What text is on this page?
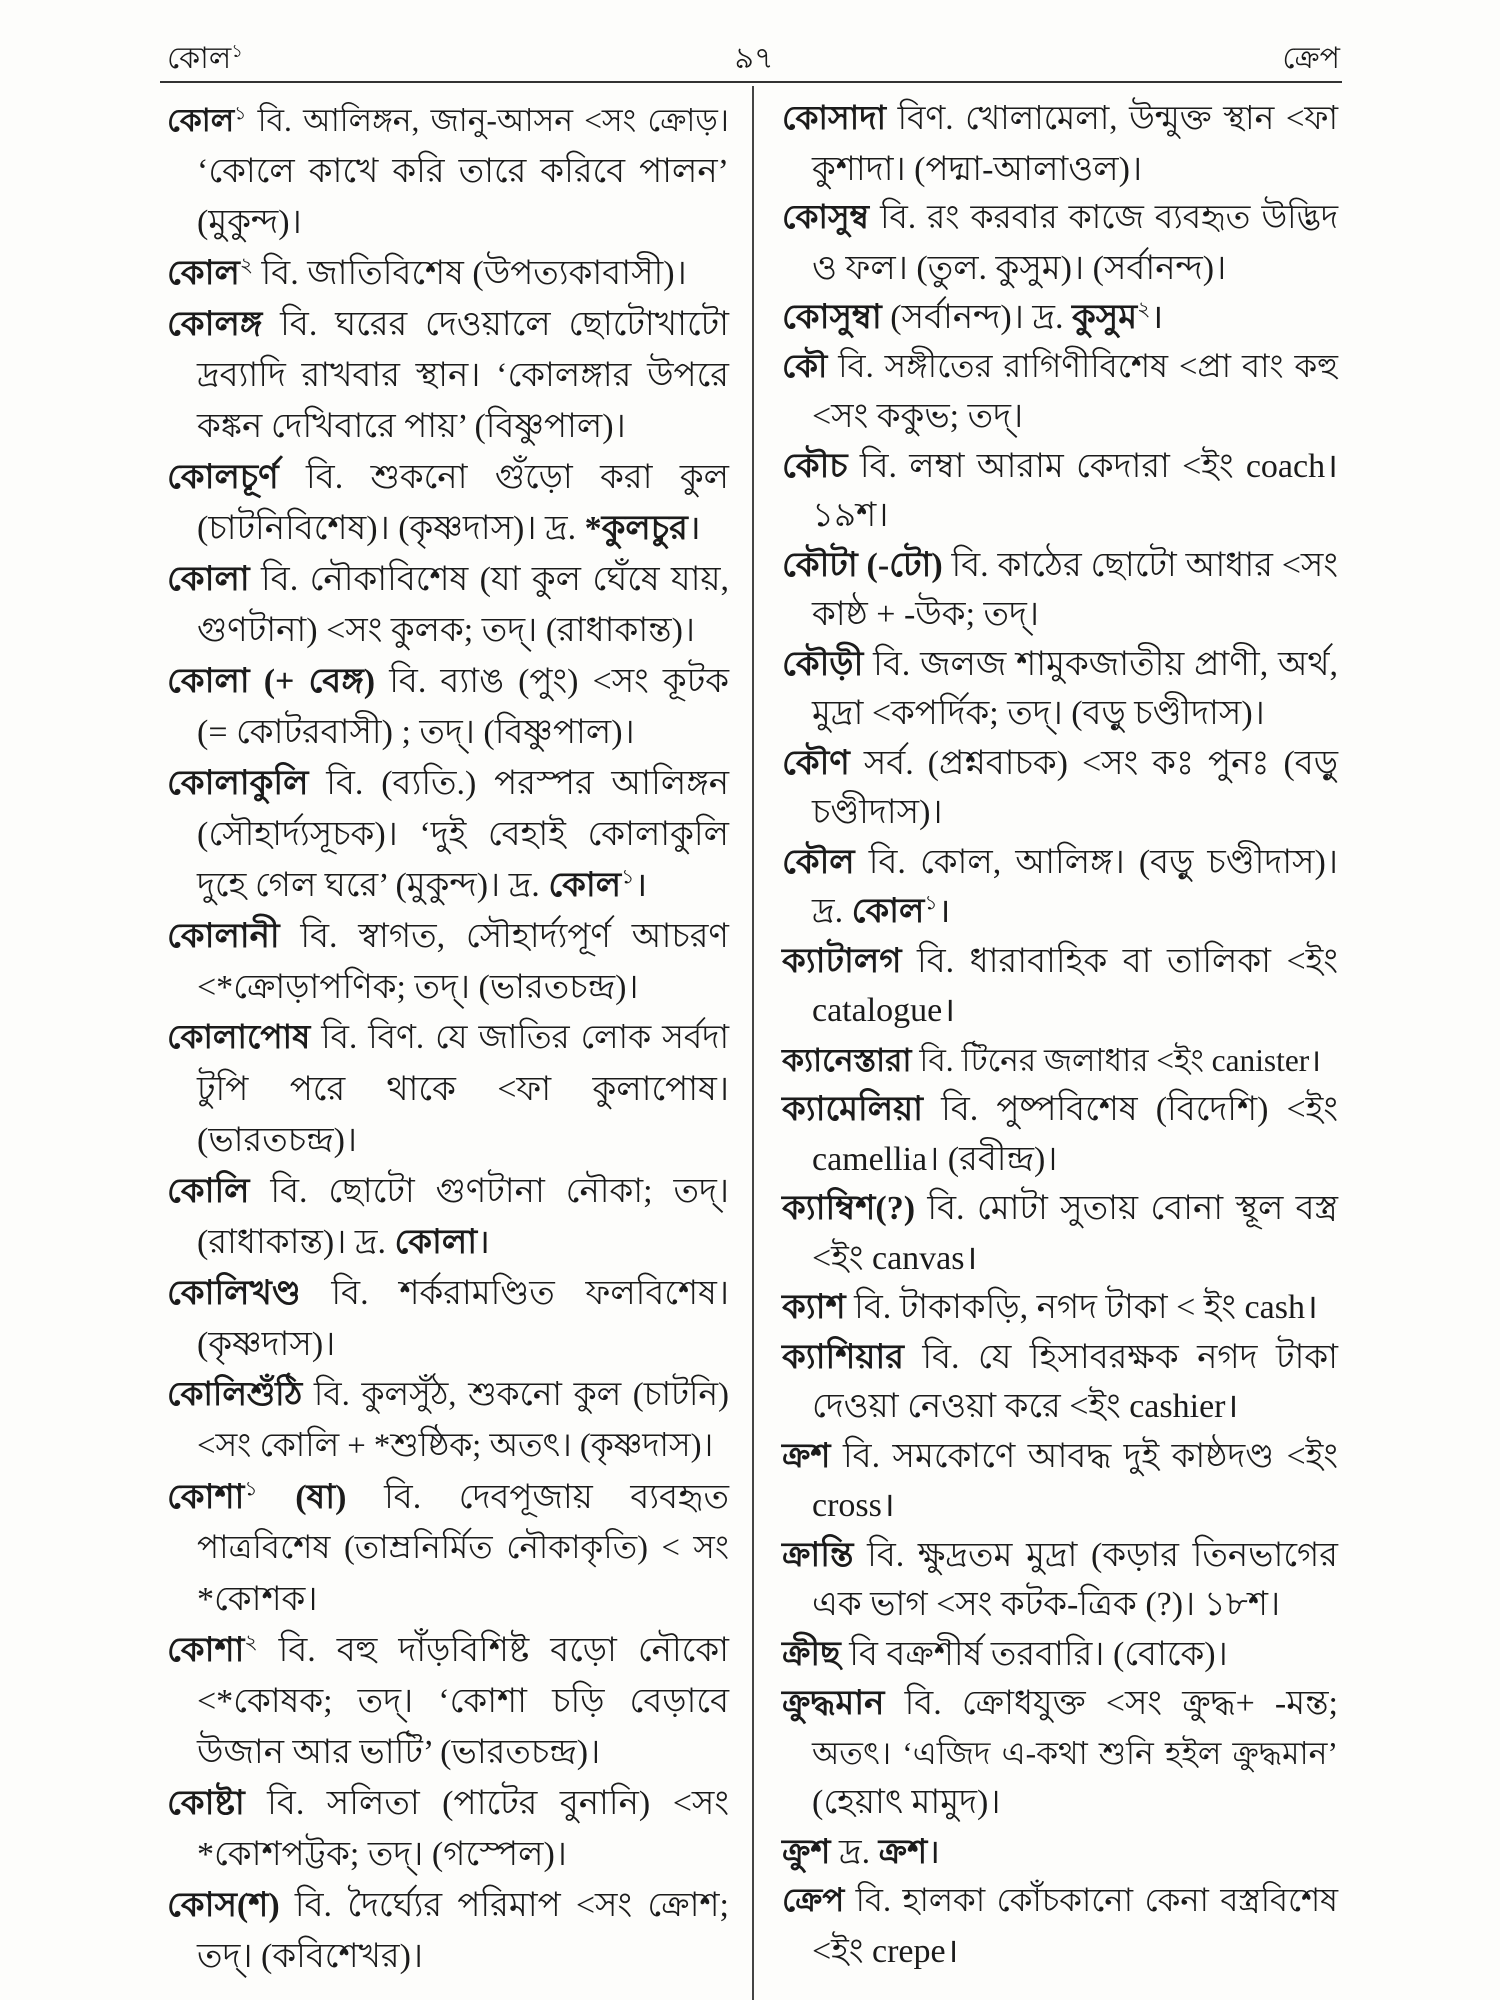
কোল$^১$	৯৭	ক্রেপ
কোল$^১$ বি. আলিঙ্গন, জানু-আসন <সং ক্রোড়।
‘কোলে কাখে করি তারে করিবে পালন’
(মুকুন্দ)।
কোল$^২$ বি. জাতিবিশেষ (উপত্যকাবাসী)।
কোলঙ্গ বি. ঘরের দেওয়ালে ছোটোখাটো
দ্রব্যাদি রাখবার স্থান। ‘কোলঙ্গার উপরে
কঙ্কন দেখিবারে পায়’ (বিষ্ণুপাল)।
কোলচূর্ণ বি. শুকনো গুঁড়ো করা কুল
(চাটনিবিশেষ)। (কৃষ্ণদাস)। দ্র. *কুলচুর।
কোলা বি. নৌকাবিশেষ (যা কুল ঘেঁষে যায়,
গুণটানা) <সং কুলক; তদ্। (রাধাকান্ত)।
কোলা (+ বেঙ্গ) বি. ব্যাঙ (পুং) <সং কূটক
(= কোটরবাসী) ; তদ্। (বিষ্ণুপাল)।
কোলাকুলি বি. (ব্যতি.) পরস্পর আলিঙ্গন
(সৌহার্দ্যসূচক)। ‘দুই বেহাই কোলাকুলি
দুহে গেল ঘরে’ (মুকুন্দ)। দ্র. কোল$^১$।
কোলানী বি. স্বাগত, সৌহার্দ্যপূর্ণ আচরণ
<*ক্রোড়াপণিক; তদ্। (ভারতচন্দ্র)।
কোলাপোষ বি. বিণ. যে জাতির লোক সর্বদা
টুপি পরে থাকে <ফা কুলাপোষ।
(ভারতচন্দ্র)।
কোলি বি. ছোটো গুণটানা নৌকা; তদ্।
(রাধাকান্ত)। দ্র. কোলা।
কোলিখণ্ড বি. শর্করামণ্ডিত ফলবিশেষ।
(কৃষ্ণদাস)।
কোলিশুঁঠি বি. কুলসুঁঠ, শুকনো কুল (চাটনি)
<সং কোলি + *শুষ্ঠিক; অতৎ। (কৃষ্ণদাস)।
কোশা$^১$ (ষা) বি. দেবপূজায় ব্যবহৃত
পাত্রবিশেষ (তাম্রনির্মিত নৌকাকৃতি) < সং
*কোশক।
কোশা$^২$ বি. বহু দাঁড়বিশিষ্ট বড়ো নৌকো
<*কোষক; তদ্। ‘কোশা চড়ি বেড়াবে
উজান আর ভাটি’ (ভারতচন্দ্র)।
কোষ্টা বি. সলিতা (পাটের বুনানি) <সং
*কোশপট্টক; তদ্। (গস্পেল)।
কোস(শ) বি. দৈর্ঘ্যের পরিমাপ <সং ক্রোশ;
তদ্। (কবিশেখর)।
কোসাদা বিণ. খোলামেলা, উন্মুক্ত স্থান <ফা
কুশাদা। (পদ্মা-আলাওল)।
কোসুম্ব বি. রং করবার কাজে ব্যবহৃত উদ্ভিদ
ও ফল। (তুল. কুসুম)। (সর্বানন্দ)।
কোসুম্বা (সর্বানন্দ)। দ্র. কুসুম$^২$।
কৌ বি. সঙ্গীতের রাগিণীবিশেষ <প্রা বাং কহু
<সং ককুভ; তদ্।
কৌচ বি. লম্বা আরাম কেদারা <ইং coach।
১৯শ।
কৌটা (-টো) বি. কাঠের ছোটো আধার <সং
কাষ্ঠ + -উক; তদ্।
কৌড়ী বি. জলজ শামুকজাতীয় প্রাণী, অর্থ,
মুদ্রা <কপর্দিক; তদ্। (বড়ু চণ্ডীদাস)।
কৌণ সর্ব. (প্রশ্নবাচক) <সং কঃ পুনঃ (বড়ু
চণ্ডীদাস)।
কৌল বি. কোল, আলিঙ্গ। (বড়ু চণ্ডীদাস)।
দ্র. কোল$^১$।
ক্যাটালগ বি. ধারাবাহিক বা তালিকা <ইং
catalogue।
ক্যানেস্তারা বি. টিনের জলাধার <ইং canister।
ক্যামেলিয়া বি. পুষ্পবিশেষ (বিদেশি) <ইং
camellia। (রবীন্দ্র)।
ক্যাম্বিশ(?) বি. মোটা সুতায় বোনা স্থূল বস্ত্র
<ইং canvas।
ক্যাশ বি. টাকাকড়ি, নগদ টাকা < ইং cash।
ক্যাশিয়ার বি. যে হিসাবরক্ষক নগদ টাকা
দেওয়া নেওয়া করে <ইং cashier।
ক্রশ বি. সমকোণে আবদ্ধ দুই কাষ্ঠদণ্ড <ইং
cross।
ক্রান্তি বি. ক্ষুদ্রতম মুদ্রা (কড়ার তিনভাগের
এক ভাগ <সং কটক-ত্রিক (?)। ১৮শ।
ক্রীছ বি বক্রশীর্ষ তরবারি। (বোকে)।
ক্রুদ্ধমান বি. ক্রোধযুক্ত <সং ক্রুদ্ধ+ -মন্ত;
অতৎ। ‘এজিদ এ-কথা শুনি হইল ক্রুদ্ধমান’
(হেয়াৎ মামুদ)।
ক্রুশ দ্র. ক্রশ।
ক্রেপ বি. হালকা কোঁচকানো কেনা বস্ত্রবিশেষ
<ইং crepe।
